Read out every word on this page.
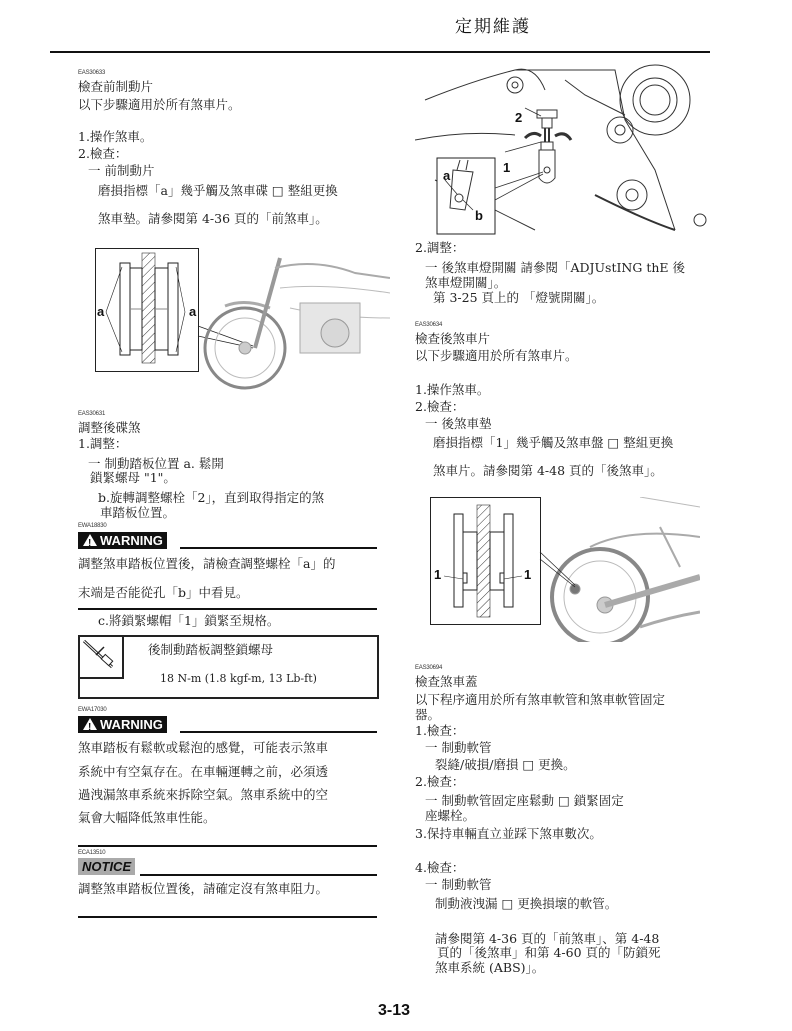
定期維護
EAS30633
檢查前制動片
以下步驟適用於所有煞車片。
1.操作煞車。
2.檢查：
一 前制動片
磨損指標「a」幾乎觸及煞車碟 □ 整組更換
煞車墊。請參閱第 4-36 頁的「前煞車」。
a	a
EAS30631
調整後碟煞
1.調整：
一 制動踏板位置 a. 鬆開
鎖緊螺母 "1"。
b.旋轉調整螺栓「2」，直到取得指定的煞
車踏板位置。
EWA18830
!
WARNING
調整煞車踏板位置後，請檢查調整螺栓「a」的
末端是否能從孔「b」中看見。
c.將鎖緊螺帽「1」鎖緊至規格。
後制動踏板調整鎖螺母
18 N-m (1.8 kgf-m, 13 Lb-ft)
EWA17030
!
WARNING
煞車踏板有鬆軟或鬆泡的感覺，可能表示煞車
系統中有空氣存在。在車輛運轉之前，必須透
過洩漏煞車系統來拆除空氣。煞車系統中的空
氣會大幅降低煞車性能。
ECA13510
NOTICE
調整煞車踏板位置後，請確定沒有煞車阻力。
2
1
a
b
2.調整：
一 後煞車燈開關 請參閱「ADJUstING thE 後
煞車燈開關」。
第 3-25 頁上的 「燈號開關」。
EAS30634
檢查後煞車片
以下步驟適用於所有煞車片。
1.操作煞車。
2.檢查：
一 後煞車墊
磨損指標「1」幾乎觸及煞車盤 □ 整組更換
煞車片。請參閱第 4-48 頁的「後煞車」。
1	1
EAS30694
檢查煞車蓋
以下程序適用於所有煞車軟管和煞車軟管固定
器。
1.檢查：
一 制動軟管
裂縫/破損/磨損 □ 更換。
2.檢查：
一 制動軟管固定座鬆動 □ 鎖緊固定
座螺栓。
3.保持車輛直立並踩下煞車數次。
4.檢查：
一 制動軟管
制動液洩漏 □ 更換損壞的軟管。
請參閱第 4-36 頁的「前煞車」、第 4-48
頁的「後煞車」和第 4-60 頁的「防鎖死
煞車系統 (ABS)」。
3-13
